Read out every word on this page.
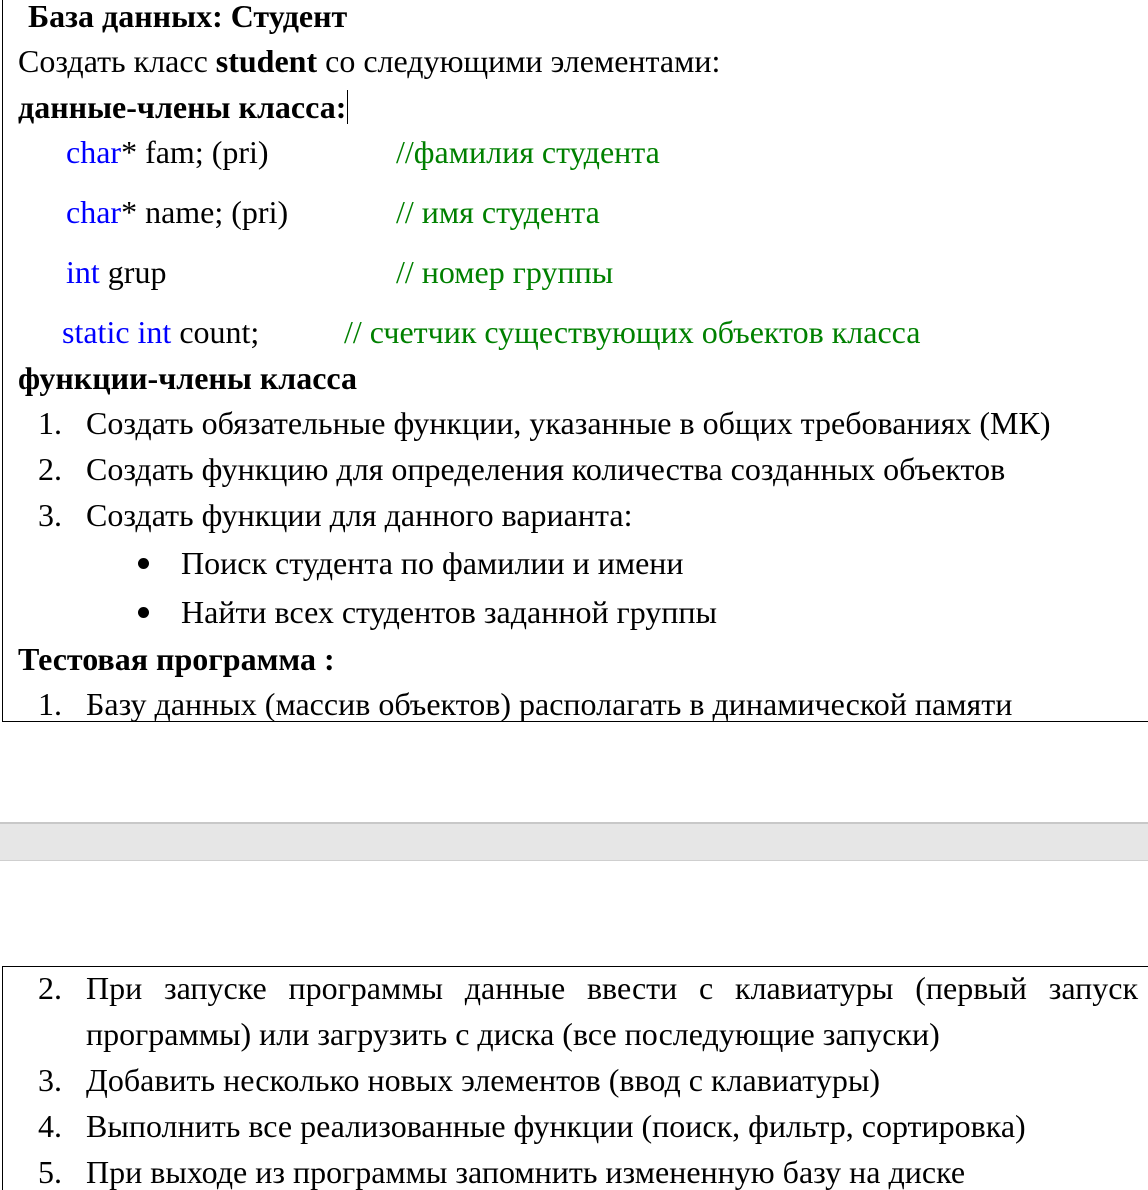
База данных: Студент
Создать класс student со следующими элементами:
данные-члены класса:
char* fam; (pri)	//фамилия студента
char* name; (pri)	// имя студента
int grup	// номер группы
static int count;	// счетчик существующих объектов класса
функции-члены класса
1. Создать обязательные функции, указанные в общих требованиях (МК)
2. Создать функцию для определения количества созданных объектов
3. Создать функции для данного варианта:
Поиск студента по фамилии и имени
Найти всех студентов заданной группы
Тестовая программа :
1. Базу данных (массив объектов) располагать в динамической памяти
2. При запуске программы данные ввести с клавиатуры (первый запуск
программы) или загрузить с диска (все последующие запуски)
3. Добавить несколько новых элементов (ввод с клавиатуры)
4. Выполнить все реализованные функции (поиск, фильтр, сортировка)
5. При выходе из программы запомнить измененную базу на диске
